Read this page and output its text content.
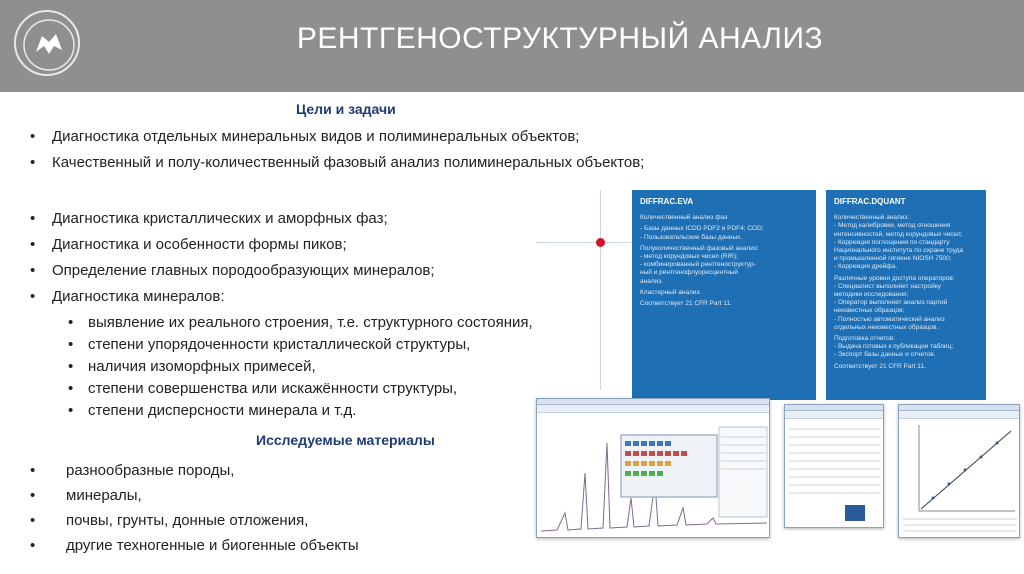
РЕНТГЕНОСТРУКТУРНЫЙ АНАЛИЗ
Цели и задачи
• Диагностика отдельных минеральных видов и полиминеральных объектов;
• Качественный и полу-количественный фазовый анализ полиминеральных объектов;
• Диагностика кристаллических и аморфных фаз;
• Диагностика и особенности формы пиков;
• Определение главных породообразующих минералов;
• Диагностика минералов:
• выявление их реального строения, т.е. структурного состояния,
• степени упорядоченности кристаллической структуры,
• наличия изоморфных примесей,
• степени совершенства или искажённости структуры,
• степени дисперсности минерала и т.д.
Исследуемые материалы
• разнообразные породы,
• минералы,
• почвы, грунты, донные отложения,
• другие техногенные и биогенные объекты
DIFFRAC.EVA
Количественный анализ фаз:
- Базы данных ICDD PDF2 и PDF4; COD;
- Пользовательские базы данных.
Полуколичественный фазовый анализ:
- метод корундовых чисел (RIR);
- комбинированный рентгеноструктур-
ный и рентгенофлуоресцентный
анализ.
Кластерный анализ.
Соответствует 21 CFR Part 11.
DIFFRAC.DQUANT
Количественный анализ:
- Метод калибровки, метод отношения
интенсивностей, метод корундовых чисел;
- Коррекция поглощения по стандарту
Национального института по охране труда
и промышленной гигиене NIOSH 7500;
- Коррекция дрейфа.
Различные уровни доступа операторов:
- Специалист выполняет настройку
методики исследования;
- Оператор выполняет анализ партий
неизвестных образцов;
- Полностью автоматический анализ
отдельных неизвестных образцов.
Подготовка отчетов:
- Выдача готовых к публикации таблиц;
- Экспорт базы данных и отчетов.
Соответствует 21 CFR Part 11.
